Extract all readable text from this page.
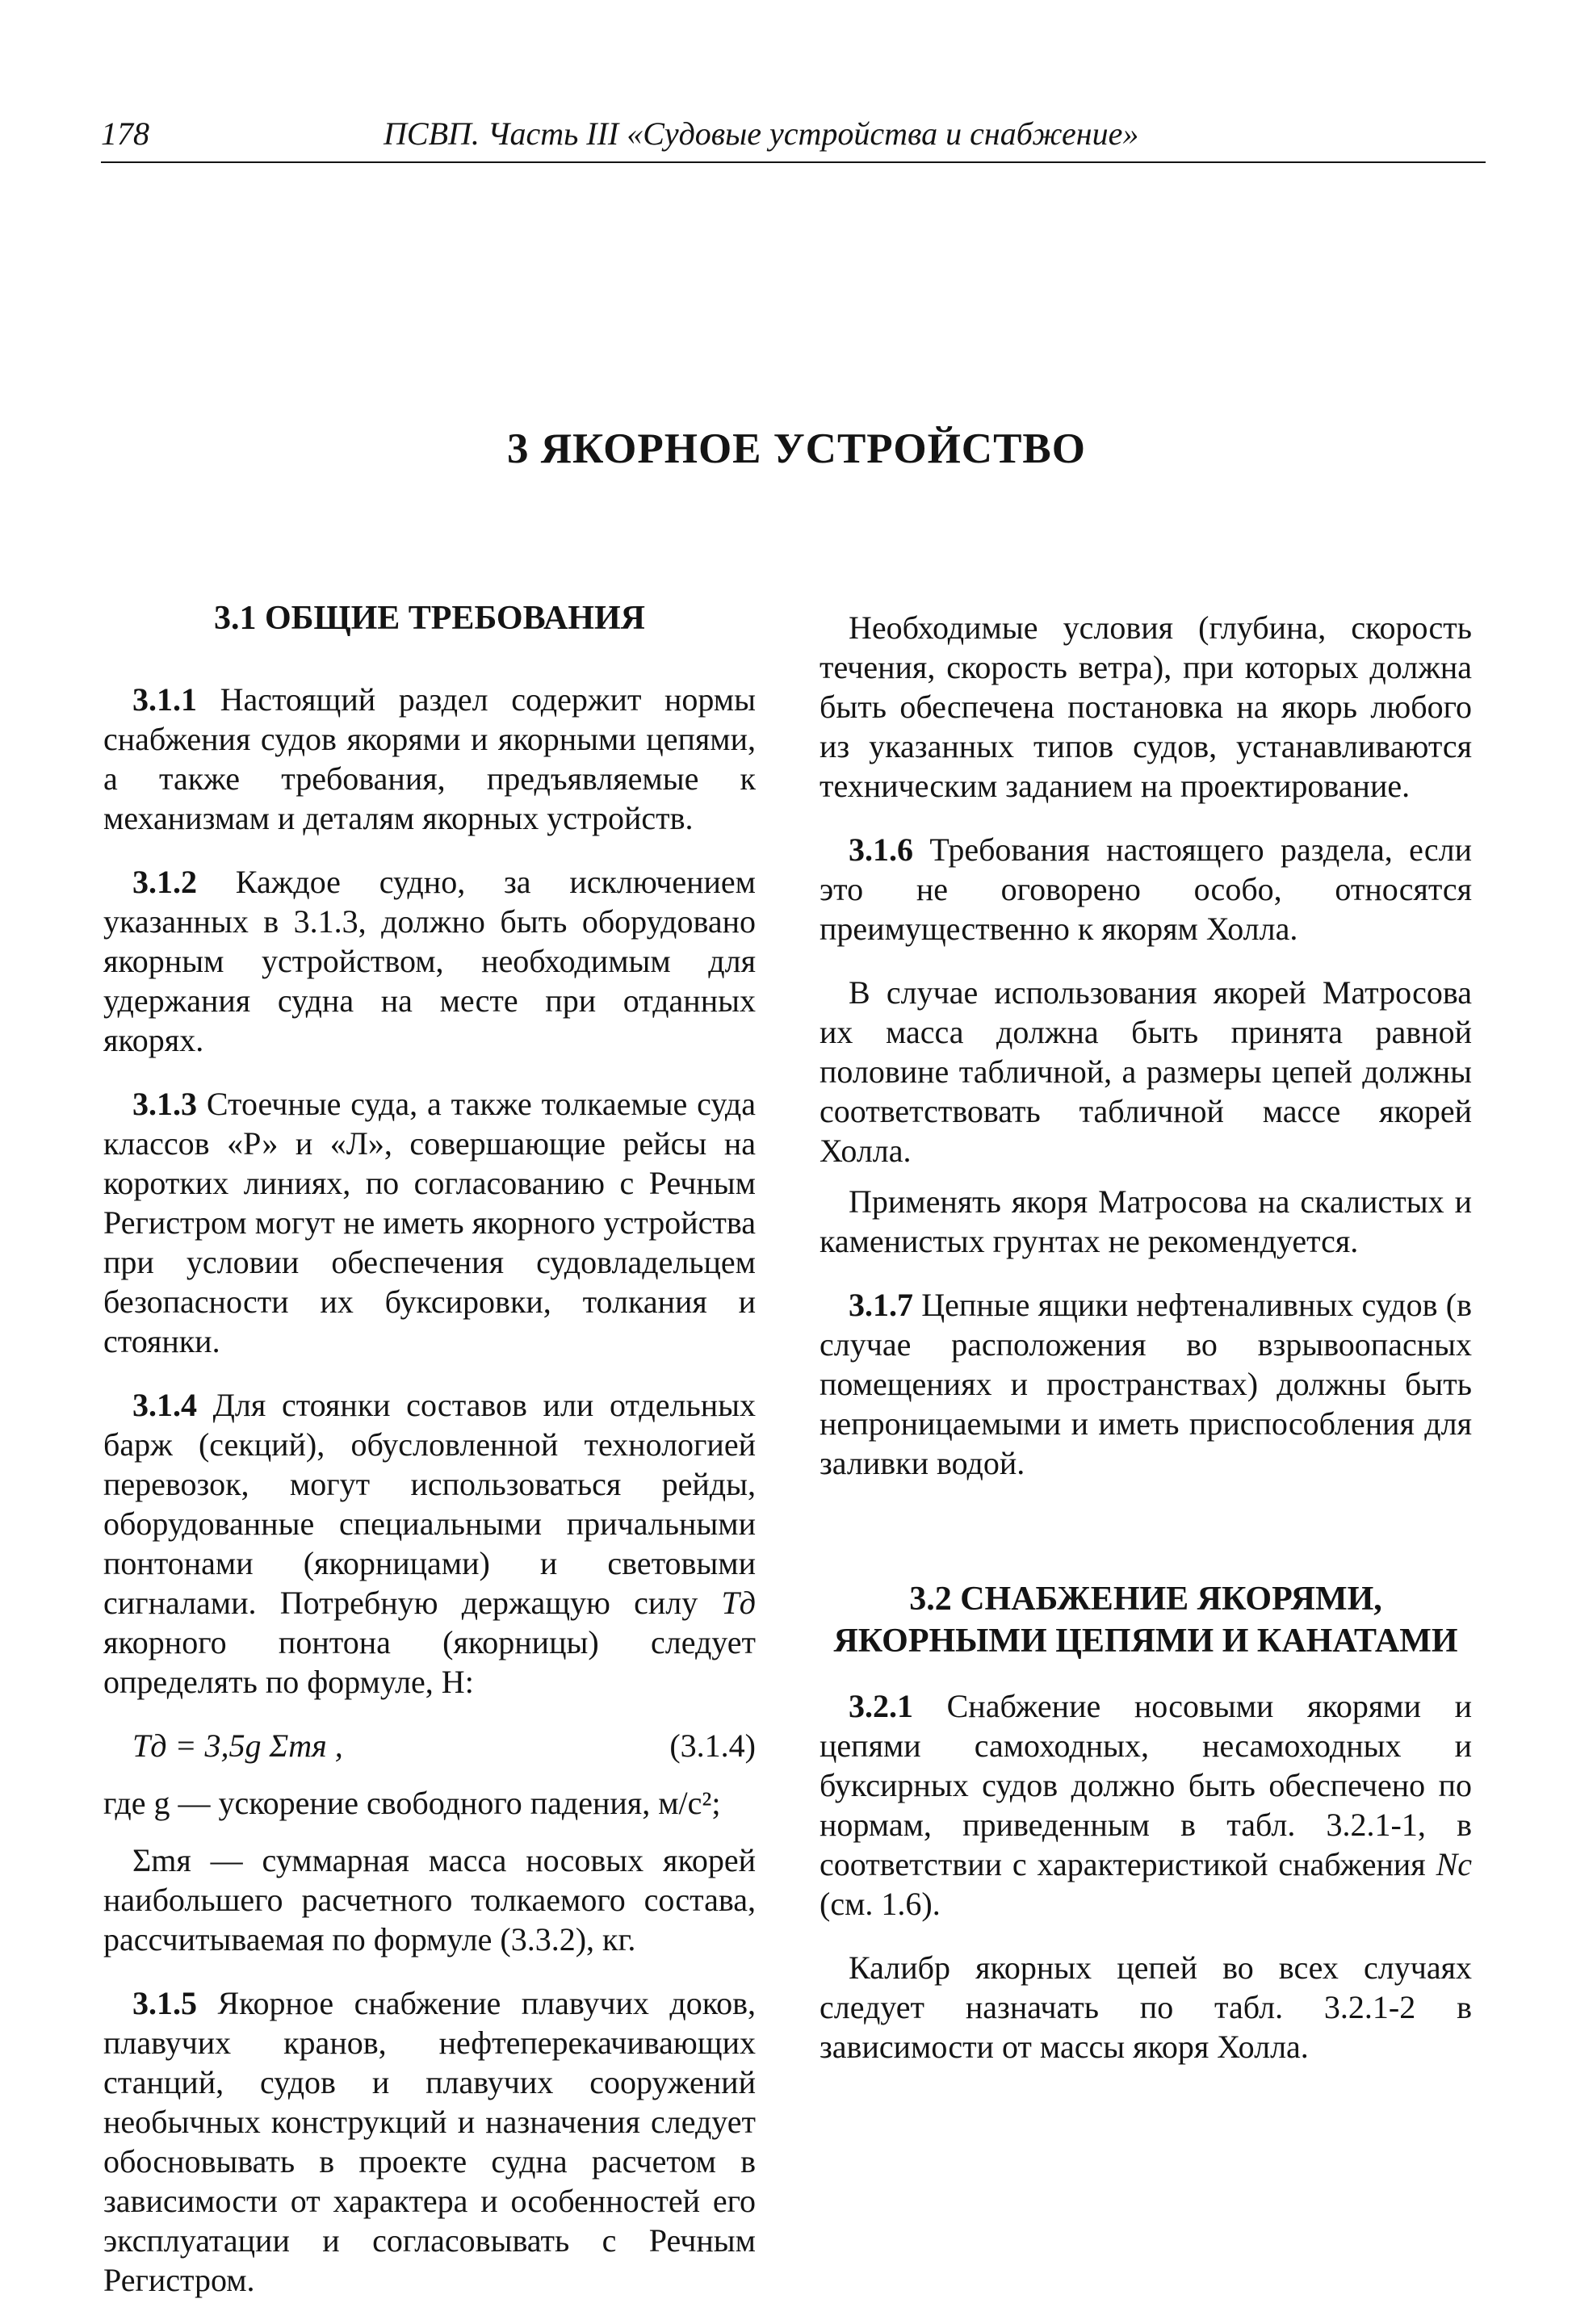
178	ПСВП. Часть III «Судовые устройства и снабжение»
3 ЯКОРНОЕ УСТРОЙСТВО
3.1 ОБЩИЕ ТРЕБОВАНИЯ

3.1.1 Настоящий раздел содержит нормы снабжения судов якорями и якорными цепями, а также требования, предъявляемые к механизмам и деталям якорных устройств.

3.1.2 Каждое судно, за исключением указанных в 3.1.3, должно быть оборудовано якорным устройством, необходимым для удержания судна на месте при отданных якорях.

3.1.3 Стоечные суда, а также толкаемые суда классов «Р» и «Л», совершающие рейсы на коротких линиях, по согласованию с Речным Регистром могут не иметь якорного устройства при условии обеспечения судовладельцем безопасности их буксировки, толкания и стоянки.

3.1.4 Для стоянки составов или отдельных барж (секций), обусловленной технологией перевозок, могут использоваться рейды, оборудованные специальными причальными понтонами (якорницами) и световыми сигналами. Потребную держащую силу Tд якорного понтона (якорницы) следует определять по формуле, Н:

Tд = 3,5g Σmя ,	(3.1.4)

где g — ускорение свободного падения, м/с²;

Σmя — суммарная масса носовых якорей наибольшего расчетного толкаемого состава, рассчитываемая по формуле (3.3.2), кг.

3.1.5 Якорное снабжение плавучих доков, плавучих кранов, нефтеперекачивающих станций, судов и плавучих сооружений необычных конструкций и назначения следует обосновывать в проекте судна расчетом в зависимости от характера и особенностей его эксплуатации и согласовывать с Речным Регистром.

Необходимые условия (глубина, скорость течения, скорость ветра), при которых должна быть обеспечена постановка на якорь любого из указанных типов судов, устанавливаются техническим заданием на проектирование.

3.1.6 Требования настоящего раздела, если это не оговорено особо, относятся преимущественно к якорям Холла.

В случае использования якорей Матросова их масса должна быть принята равной половине табличной, а размеры цепей должны соответствовать табличной массе якорей Холла.

Применять якоря Матросова на скалистых и каменистых грунтах не рекомендуется.

3.1.7 Цепные ящики нефтеналивных судов (в случае расположения во взрывоопасных помещениях и пространствах) должны быть непроницаемыми и иметь приспособления для заливки водой.

3.2 СНАБЖЕНИЕ ЯКОРЯМИ, ЯКОРНЫМИ ЦЕПЯМИ И КАНАТАМИ

3.2.1 Снабжение носовыми якорями и цепями самоходных, несамоходных и буксирных судов должно быть обеспечено по нормам, приведенным в табл. 3.2.1-1, в соответствии с характеристикой снабжения Nс (см. 1.6).

Калибр якорных цепей во всех случаях следует назначать по табл. 3.2.1-2 в зависимости от массы якоря Холла.
